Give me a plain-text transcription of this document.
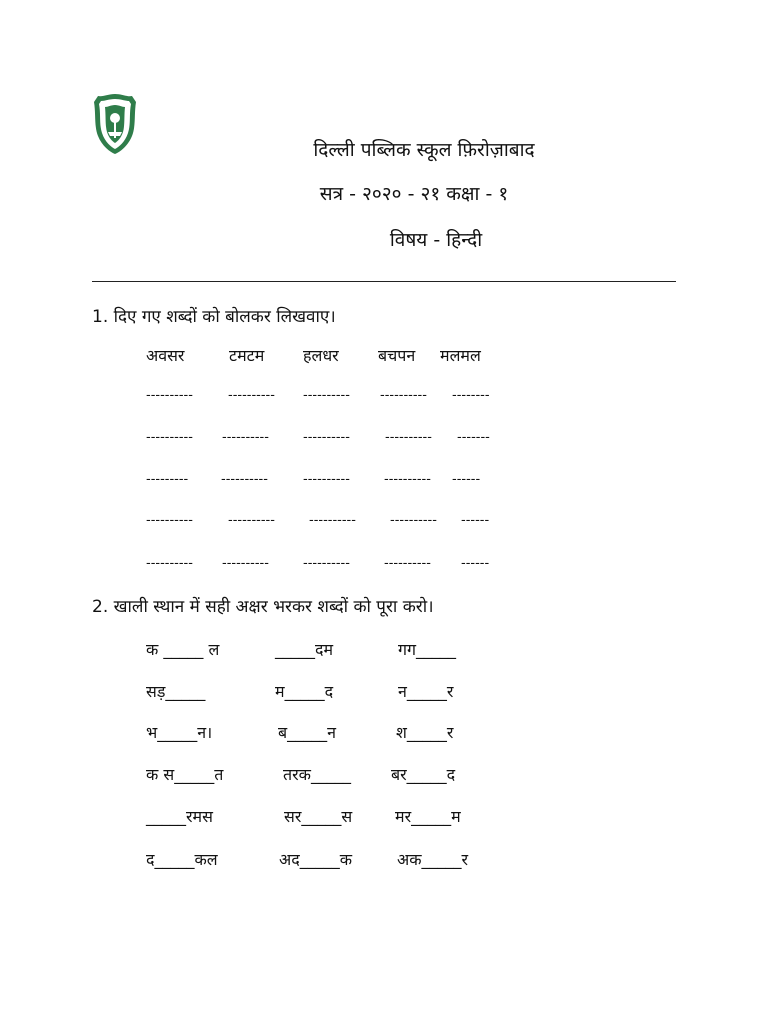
दिल्ली पब्लिक स्कूल फ़िरोज़ाबाद
सत्र - २०२० - २१ कक्षा - १
विषय - हिन्दी
1. दिए गए शब्दों को बोलकर लिखवाए।
अवसर	टमटम हलधर बचपन मलमल
----------	---------- ---------- ---------- --------
---------- ----------	----------	---------- -------
---------	----------	----------	---------- ------
----------	----------	----------	---------- ------
---------- ----------	----------	---------- ------
2. खाली स्थान में सही अक्षर भरकर शब्दों को पूरा करो।
क _____ ल	_____दम	गग_____
सड़_____	म_____द	न_____र
भ_____न।	ब_____न	श_____र
क स_____त	तरक_____	बर_____द
_____रमस	सर_____स	मर_____म
द_____कल	अद_____क	अक_____र
